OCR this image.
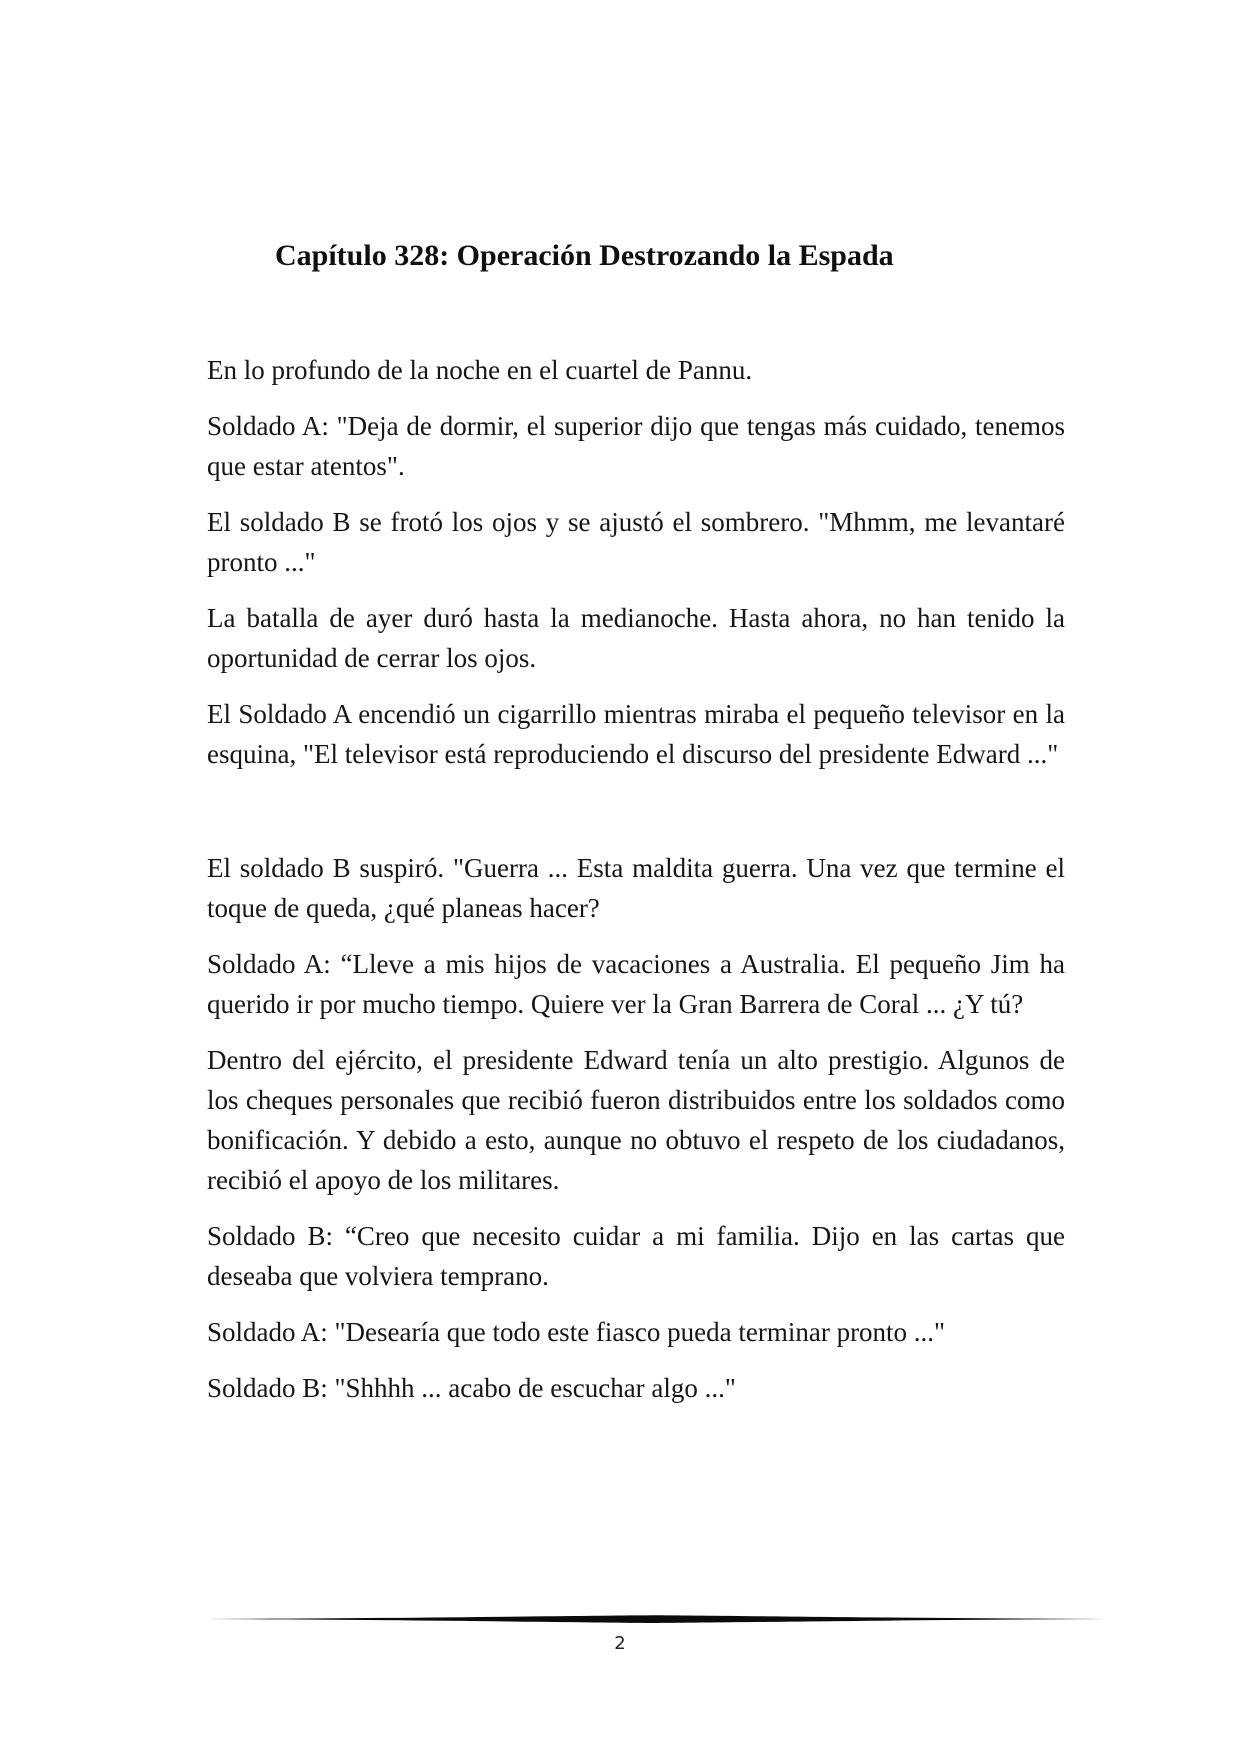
Capítulo 328: Operación Destrozando la Espada

En lo profundo de la noche en el cuartel de Pannu.

Soldado A: "Deja de dormir, el superior dijo que tengas más cuidado, tenemos que estar atentos".

El soldado B se frotó los ojos y se ajustó el sombrero. "Mhmm, me levantaré pronto ..."

La batalla de ayer duró hasta la medianoche. Hasta ahora, no han tenido la oportunidad de cerrar los ojos.

El Soldado A encendió un cigarrillo mientras miraba el pequeño televisor en la esquina, "El televisor está reproduciendo el discurso del presidente Edward ..."

El soldado B suspiró. "Guerra ... Esta maldita guerra. Una vez que termine el toque de queda, ¿qué planeas hacer?

Soldado A: “Lleve a mis hijos de vacaciones a Australia. El pequeño Jim ha querido ir por mucho tiempo. Quiere ver la Gran Barrera de Coral ... ¿Y tú?

Dentro del ejército, el presidente Edward tenía un alto prestigio. Algunos de los cheques personales que recibió fueron distribuidos entre los soldados como bonificación. Y debido a esto, aunque no obtuvo el respeto de los ciudadanos, recibió el apoyo de los militares.

Soldado B: “Creo que necesito cuidar a mi familia. Dijo en las cartas que deseaba que volviera temprano.

Soldado A: "Desearía que todo este fiasco pueda terminar pronto ..."

Soldado B: "Shhhh ... acabo de escuchar algo ..."

2
